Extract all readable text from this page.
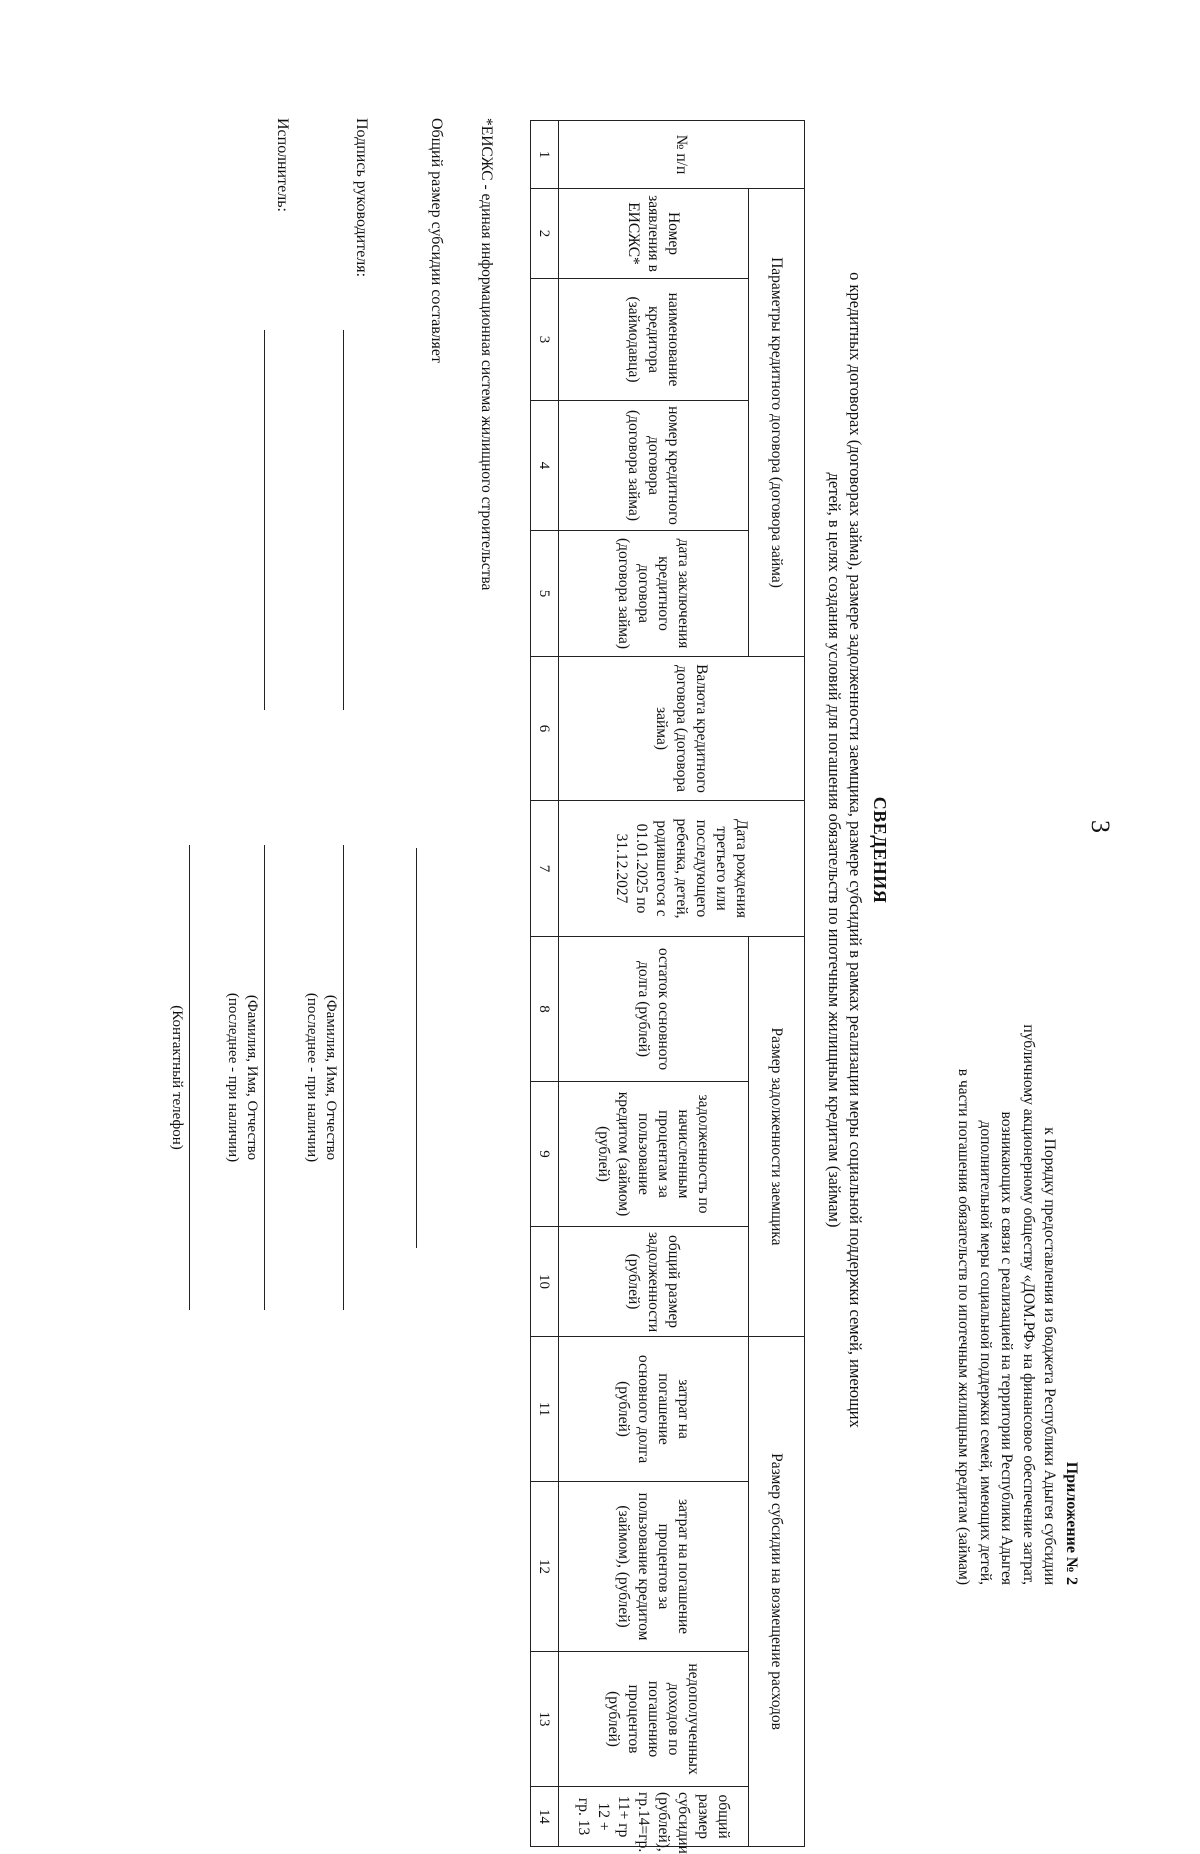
3
Приложение № 2
к Порядку предоставления из бюджета Республики Адыгея субсидии
публичному акционерному обществу «ДОМ.РФ» на финансовое обеспечение затрат,
возникающих в связи с реализацией на территории Республики Адыгея
дополнительной меры социальной поддержки семей, имеющих детей,
в части погашения обязательств по ипотечным жилищным кредитам (займам)
СВЕДЕНИЯ
о кредитных договорах (договорах займа), размере задолженности заемщика, размере субсидий в рамках реализации меры социальной поддержки семей, имеющих
детей, в целях создания условий для погашения обязательств по ипотечным жилищным кредитам (займам)
№ п/п	Параметры кредитного договора (договора займа)				Валюта кредитного договора (договора займа)	Дата рождения третьего или последующего ребенка, детей, родившегося с 01.01.2025 по 31.12.2027	Размер задолженности заемщика			Размер субсидии на возмещение расходов			
	Номер заявления в ЕИСЖС*	наименование кредитора (займодавца)	номер кредитного договора (договора займа)	дата заключения кредитного договора (договора займа)			остаток основного долга (рублей)	задолженность по начисленным процентам за пользование кредитом (займом) (рублей)	общий размер задолженности (рублей)	затрат на погашение основного долга (рублей)	затрат на погашение процентов за пользование кредитом (займом), (рублей)	недополученных доходов по погашению процентов (рублей)	общий размер субсидии (рублей), гр.14=гр. 11+ гр 12 + гр. 13
1	2	3	4	5	6	7	8	9	10	11	12	13	14
*ЕИСЖС - единая информационная система жилищного строительства
Общий размер субсидии составляет
Подпись руководителя:
(Фамилия, Имя, Отчество
(последнее - при наличии)
Исполнитель:
(Фамилия, Имя, Отчество
(последнее - при наличии)
(Контактный телефон)
